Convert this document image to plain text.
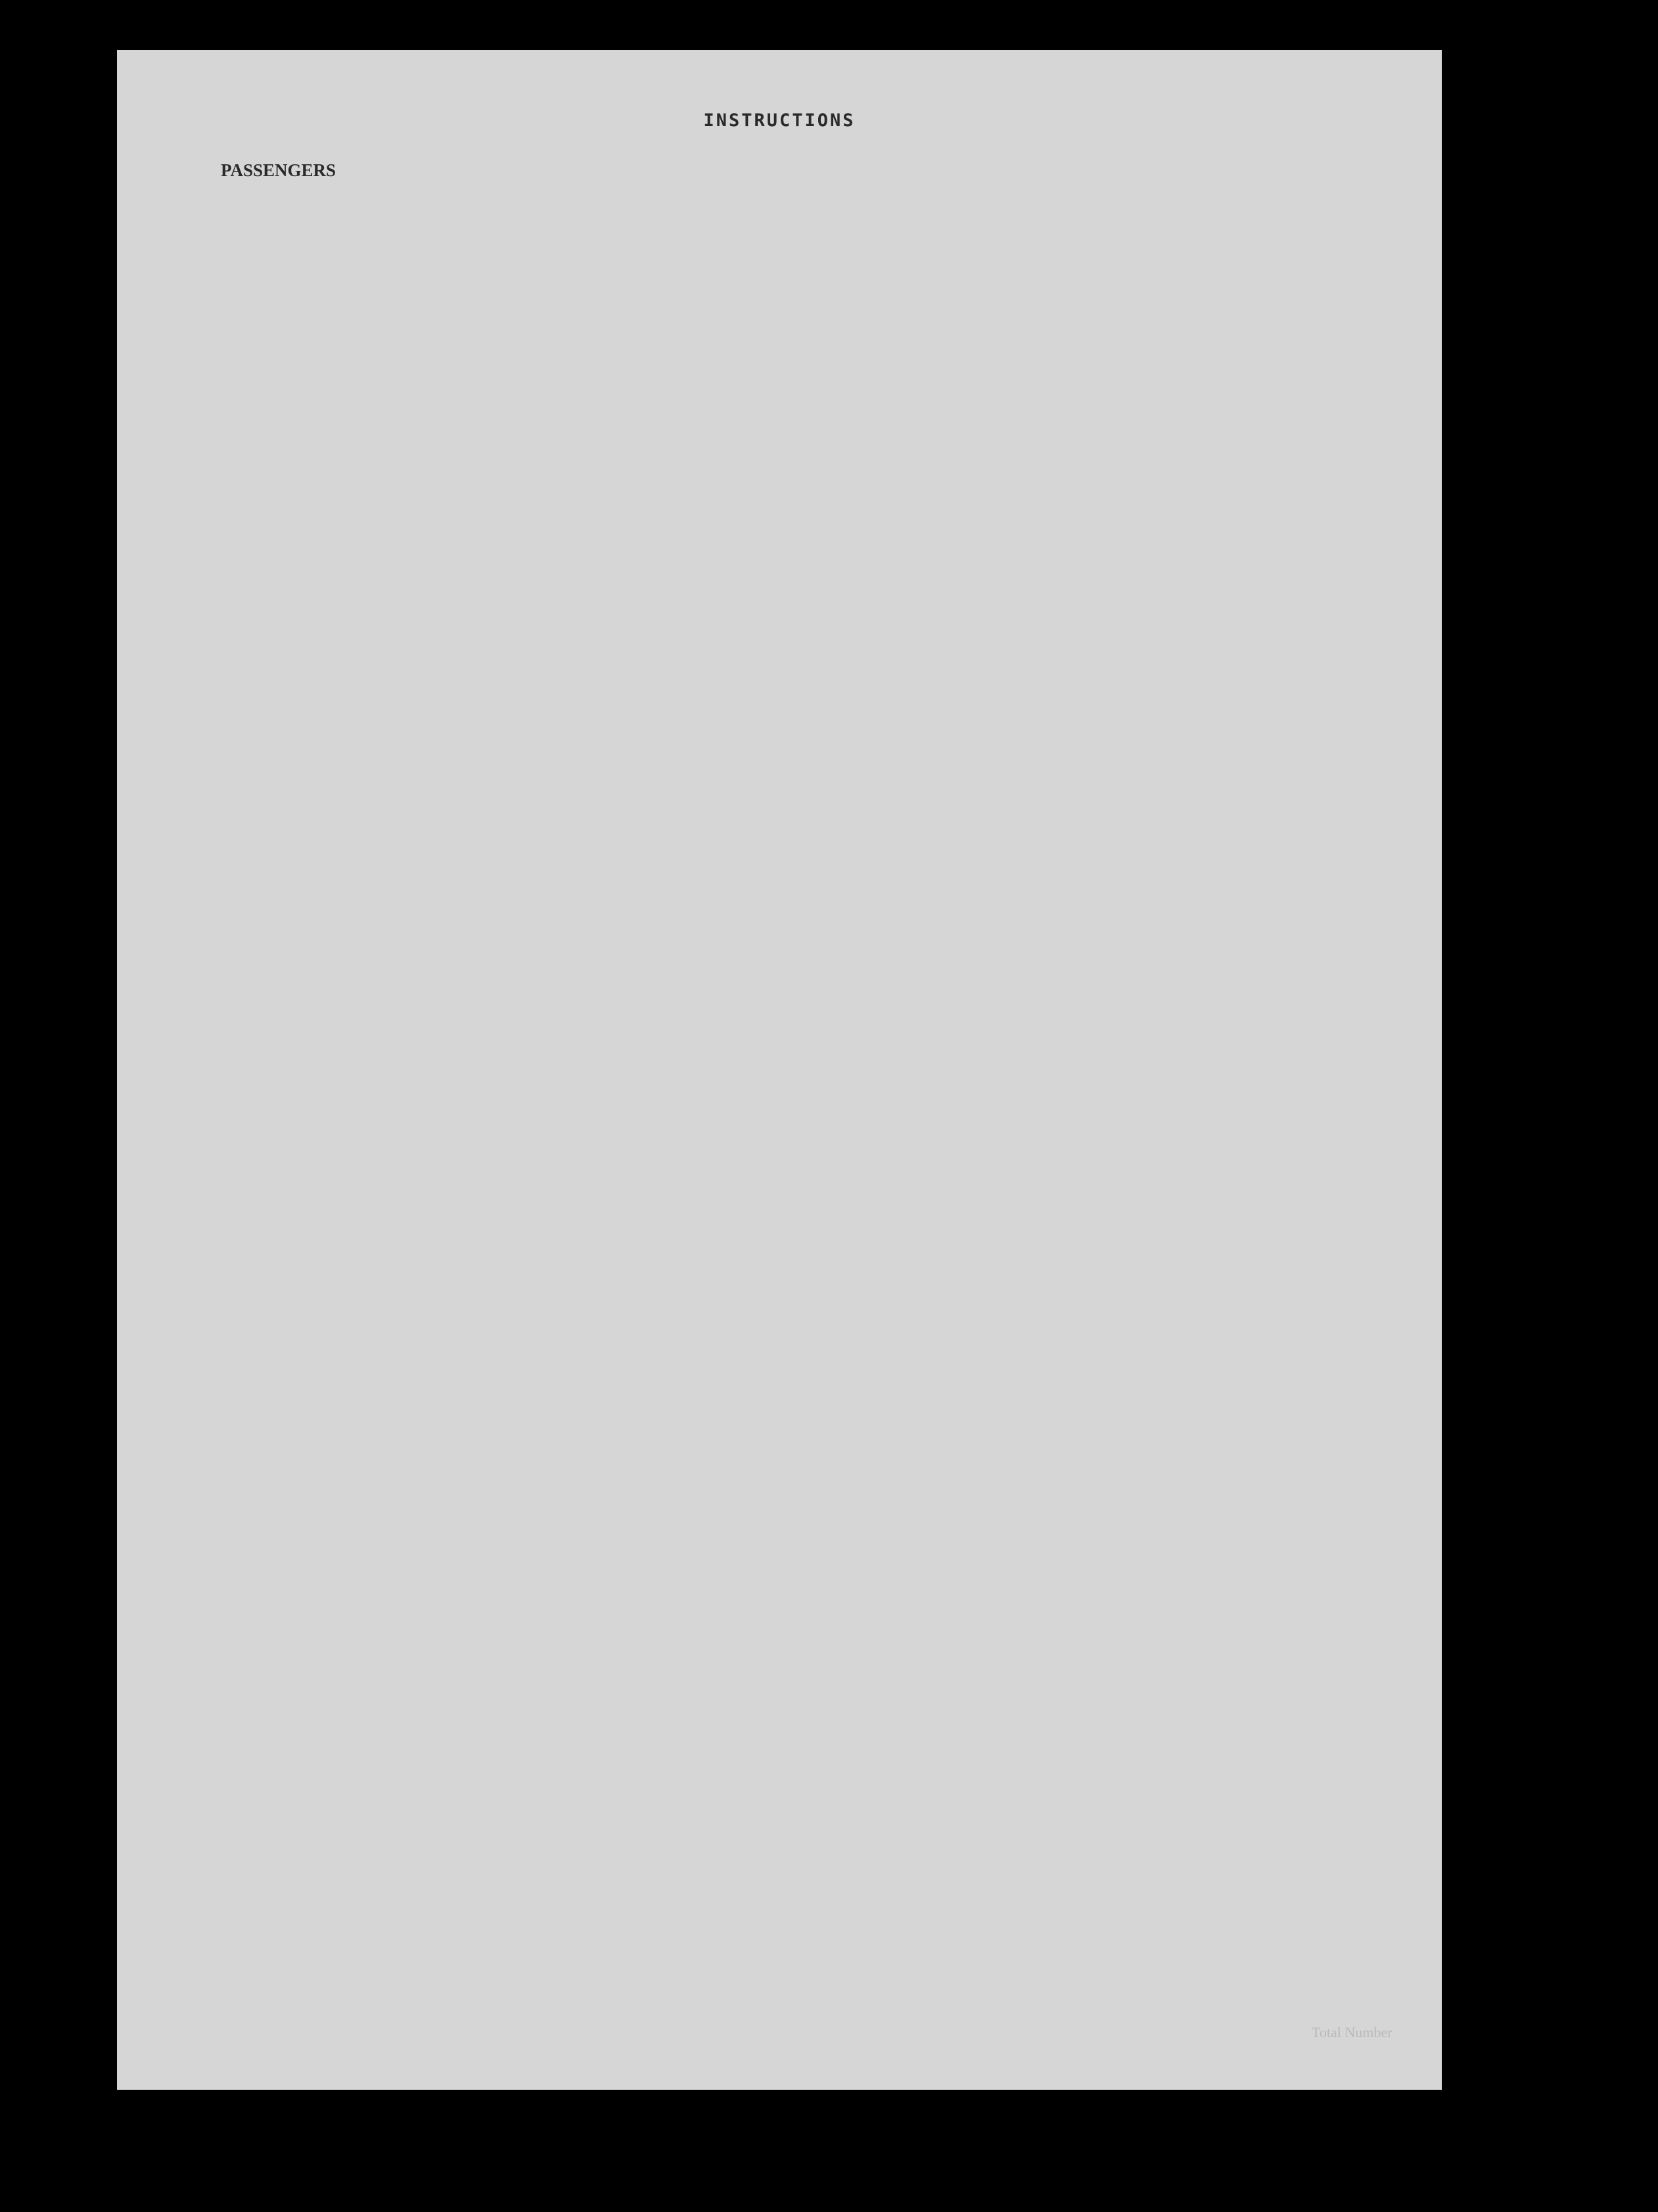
Total Number
INSTRUCTIONS
PASSENGERS
